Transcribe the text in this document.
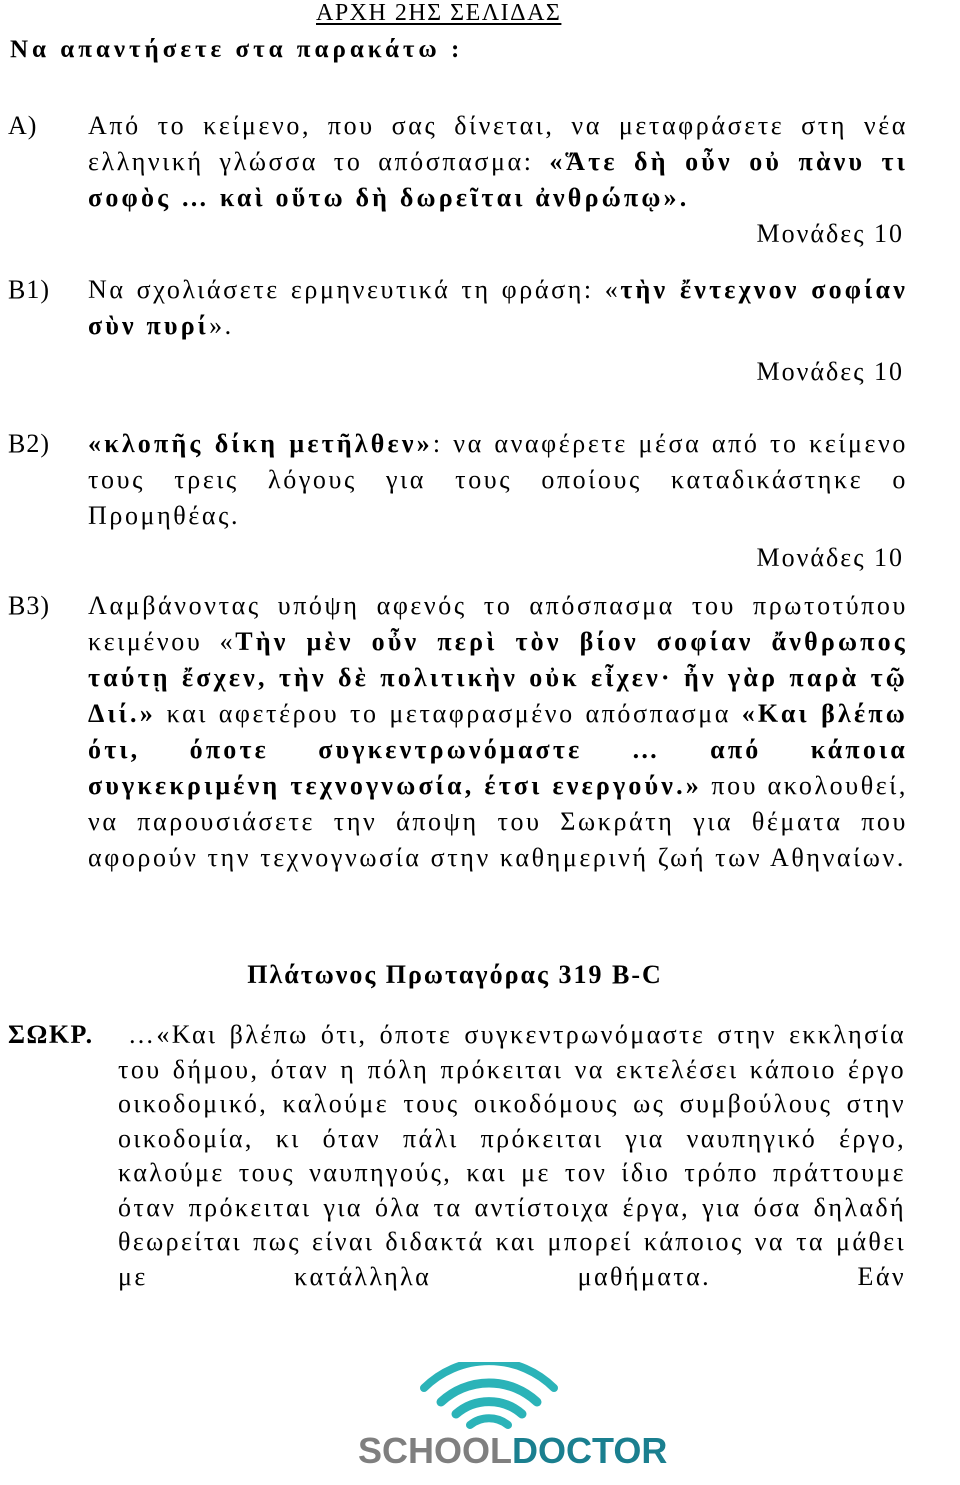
ΑΡΧΗ 2ΗΣ ΣΕΛΙΔΑΣ
Να απαντήσετε στα παρακάτω :
Α) Από το κείμενο, που σας δίνεται, να μεταφράσετε στη νέα ελληνική γλώσσα το απόσπασμα: «Ἅτε δὴ οὖν οὐ πὰνυ τι σοφὸς … καὶ οὕτω δὴ δωρεῖται ἀνθρώπῳ».
Μονάδες 10
Β1) Να σχολιάσετε ερμηνευτικά τη φράση: «τὴν ἔντεχνον σοφίαν σὺν πυρί».
Μονάδες 10
Β2) «κλοπῆς δίκη μετῆλθεν»: να αναφέρετε μέσα από το κείμενο τους τρεις λόγους για τους οποίους καταδικάστηκε ο Προμηθέας.
Μονάδες 10
Β3) Λαμβάνοντας υπόψη αφενός το απόσπασμα του πρωτοτύπου κειμένου «Τὴν μὲν οὖν περὶ τὸν βίον σοφίαν ἄνθρωπος ταύτῃ ἔσχεν, τὴν δὲ πολιτικὴν οὐκ εἶχεν· ἦν γὰρ παρὰ τῷ Διί.» και αφετέρου το μεταφρασμένο απόσπασμα «Και βλέπω ότι, όποτε συγκεντρωνόμαστε … από κάποια συγκεκριμένη τεχνογνωσία, έτσι ενεργούν.» που ακολουθεί, να παρουσιάσετε την άποψη του Σωκράτη για θέματα που αφορούν την τεχνογνωσία στην καθημερινή ζωή των Αθηναίων.
Πλάτωνος Πρωταγόρας 319 Β-C
ΣΩΚΡ.	…«Και βλέπω ότι, όποτε συγκεντρωνόμαστε στην εκκλησία του δήμου, όταν η πόλη πρόκειται να εκτελέσει κάποιο έργο οικοδομικό, καλούμε τους οικοδόμους ως συμβούλους στην οικοδομία, κι όταν πάλι πρόκειται για ναυπηγικό έργο, καλούμε τους ναυπηγούς, και με τον ίδιο τρόπο πράττουμε όταν πρόκειται για όλα τα αντίστοιχα έργα, για όσα δηλαδή θεωρείται πως είναι διδακτά και μπορεί κάποιος να τα μάθει με κατάλληλα μαθήματα. Εάν
SCHOOLDOCTOR
